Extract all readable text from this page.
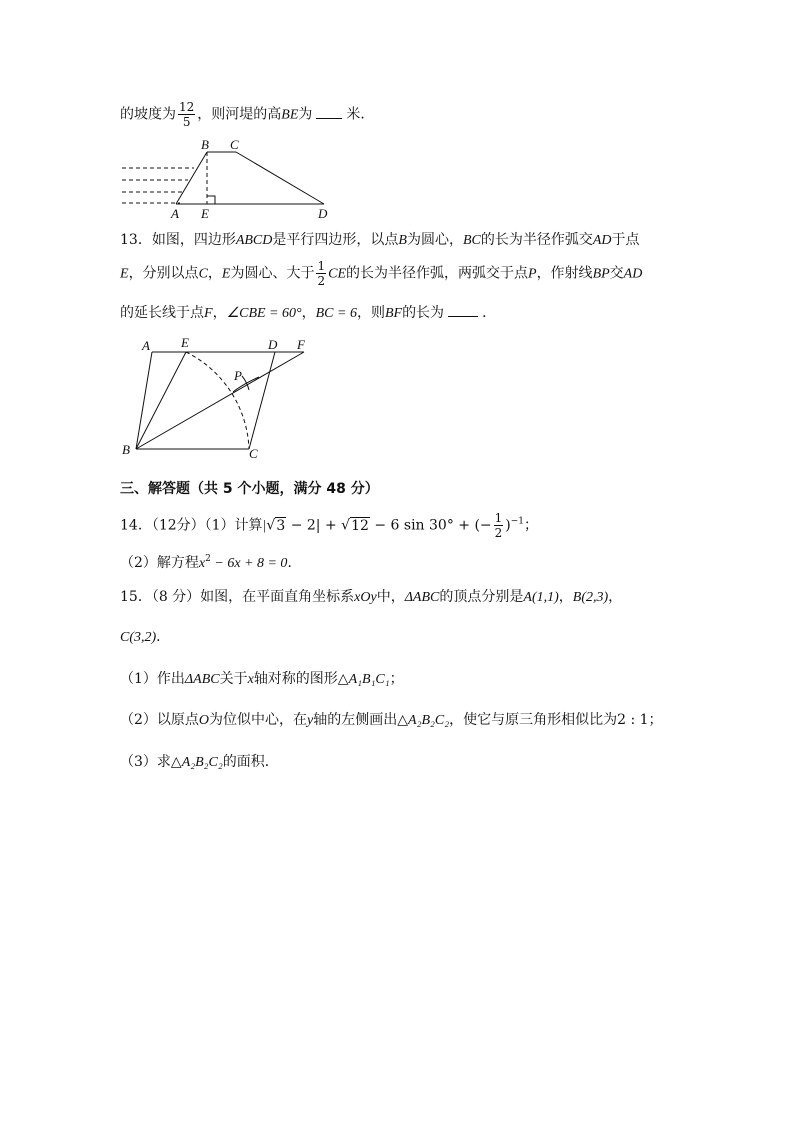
的坡度为 $\frac{12}{5}$ ，则河堤的高BE为 米．
B C
A E	D
13．如图，四边形ABCD是平行四边形，以点B为圆心，BC的长为半径作弧交AD于点
E，分别以点C，E为圆心、大于 $\frac{1}{2}$ CE的长为半径作弧，两弧交于点P，作射线BP交AD
的延长线于点F，∠CBE = 60°，BC = 6，则BF的长为	．
A E	D F
P
B	C
三、解答题（共 5 个小题，满分 48 分）
14．（12分）（1）计算|√3 − 2| + √12 − 6 sin 30° + (− $\frac{1}{2} )^{-1}$；
（2）解方程$x^2 - 6x + 8 = 0$．
15．（8 分）如图，在平面直角坐标系xOy中，ΔABC的顶点分别是A(1,1)，B(2,3)，
C(3,2)．
（1）作出ΔABC关于x轴对称的图形△A₁B₁C₁；
（2）以原点O为位似中心，在y轴的左侧画出△A₂B₂C₂，使它与原三角形相似比为2 : 1；
（3）求△A₂B₂C₂的面积．
